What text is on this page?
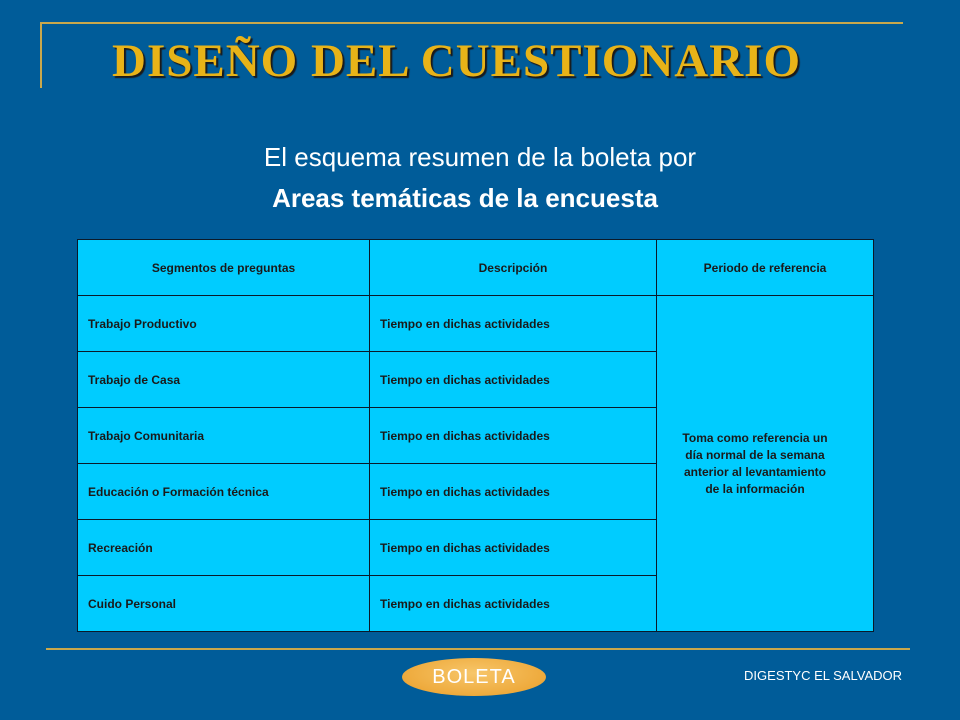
DISEÑO DEL CUESTIONARIO
El esquema resumen de la boleta por
Areas temáticas de la encuesta
Segmentos de preguntas	Descripción	Periodo de referencia
Trabajo Productivo	Tiempo en dichas actividades	Toma como referencia un día normal de la semana anterior al levantamiento de la información
Trabajo de Casa	Tiempo en dichas actividades	
Trabajo Comunitaria	Tiempo en dichas actividades	
Educación o Formación técnica	Tiempo en dichas actividades	
Recreación	Tiempo en dichas actividades	
Cuido Personal	Tiempo en dichas actividades	
BOLETA	DIGESTYC EL SALVADOR
